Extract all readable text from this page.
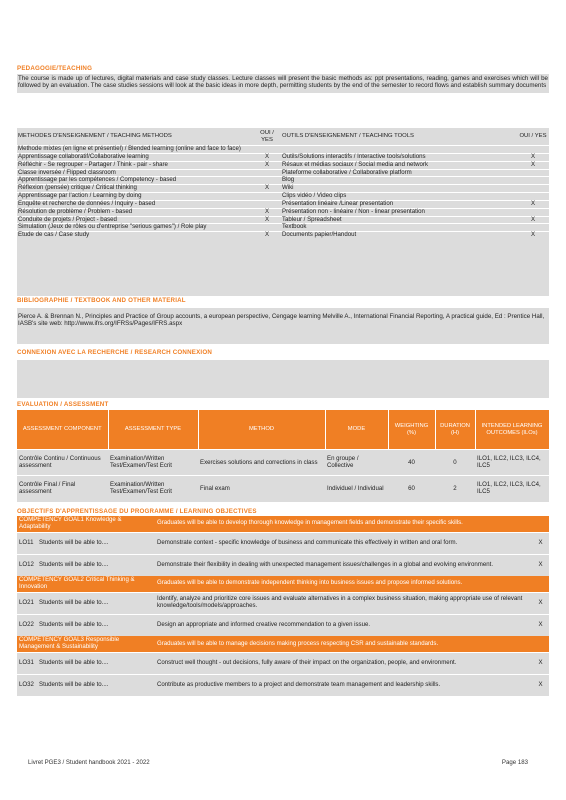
PEDAGOGIE/TEACHING
The course is made up of lectures, digital materials and case study classes. Lecture classes will present the basic methods as: ppt presentations, reading, games and exercises which will be followed by an evaluation. The case studies sessions will look at the basic ideas in more depth, permitting students by the end of the semester to record flows and establish summary documents
METHODES D'ENSEIGNEMENT / TEACHING METHODS	OUI / YES	OUTILS D'ENSEIGNEMENT / TEACHING TOOLS	OUI / YES
Methode mixtes (en ligne et présentiel) / Blended learning (online and face to face)			
Apprentissage collaboratif/Collaborative learning	X	Outils/Solutions interactifs / Interactive tools/solutions	X
Réfléchir - Se regrouper - Partager / Think - pair - share	X	Résaux et médias sociaux / Social media and network	X
Classe inversée / Flipped classroom		Plateforme collaborative / Collaborative platform	
Apprentissage par les compétences / Competency - based		Blog	
Réflexion (pensée) critique / Critical thinking	X	Wiki	
Apprentissage par l'action / Learning by doing		Clips vidéo / Video clips	
Enquête et recherche de données / Inquiry - based		Présentation linéaire /Linear presentation	X
Résolution de problème / Problem - based	X	Présentation non - linéaire / Non - linear presentation	
Conduite de projets / Project - based	X	Tableur / Spreadsheet	X
Simulation (Jeux de rôles ou d'entreprise "serious games") / Role play		Textbook	
Etude de cas / Case study	X	Documents papier/Handout	X
BIBLIOGRAPHIE / TEXTBOOK AND OTHER MATERIAL
Pierce A. & Brennan N., Principles and Practice of Group accounts, a european perspective, Cengage learning Melville A., International Financial Reporting, A practical guide, Ed : Prentice Hall, IASB's site web: http://www.ifrs.org/IFRSs/Pages/IFRS.aspx
CONNEXION AVEC LA RECHERCHE / RESEARCH CONNEXION
EVALUATION / ASSESSMENT
ASSESSMENT COMPONENT	ASSESSMENT TYPE	METHOD	MODE	WEIGHTING (%)	DURATION (H)	INTENDED LEARNING OUTCOMES (ILOs)
Contrôle Continu / Continuous assessment	Examination/Written Test/Examen/Test Ecrit	Exercises solutions and corrections in class	En groupe / Collective	40	0	ILO1, ILC2, ILC3, ILC4, ILC5
Contrôle Final / Final assessment	Examination/Written Test/Examen/Test Ecrit	Final exam	Individuel / Individual	60	2	ILO1, ILC2, ILC3, ILC4, ILC5
OBJECTIFS D'APPRENTISSAGE DU PROGRAMME / LEARNING OBJECTIVES
COMPETENCY GOAL1 Knowledge & Adaptability		Graduates will be able to develop thorough knowledge in management fields and demonstrate their specific skills.	
LO11	Students will be able to....	Demonstrate context - specific knowledge of business and communicate this effectively in written and oral form.	X
LO12	Students will be able to....	Demonstrate their flexibility in dealing with unexpected management issues/challenges in a global and evolving environment.	X
COMPETENCY GOAL2 Critical Thinking & Innovation		Graduates will be able to demonstrate independent thinking into business issues and propose informed solutions.	
LO21	Students will be able to....	Identify, analyze and prioritize core issues and evaluate alternatives in a complex business situation, making appropriate use of relevant knowledge/tools/models/approaches.	X
LO22	Students will be able to....	Design an appropriate and informed creative recommendation to a given issue.	X
COMPETENCY GOAL3 Responsible Management & Sustainability		Graduates will be able to manage decisions making process respecting CSR and sustainable standards.	
LO31	Students will be able to....	Construct well thought - out decisions, fully aware of their impact on the organization, people, and environment.	X
LO32	Students will be able to....	Contribute as productive members to a project and demonstrate team management and leadership skills.	X
Livret PGE3 / Student handbook 2021 - 2022	Page 183
